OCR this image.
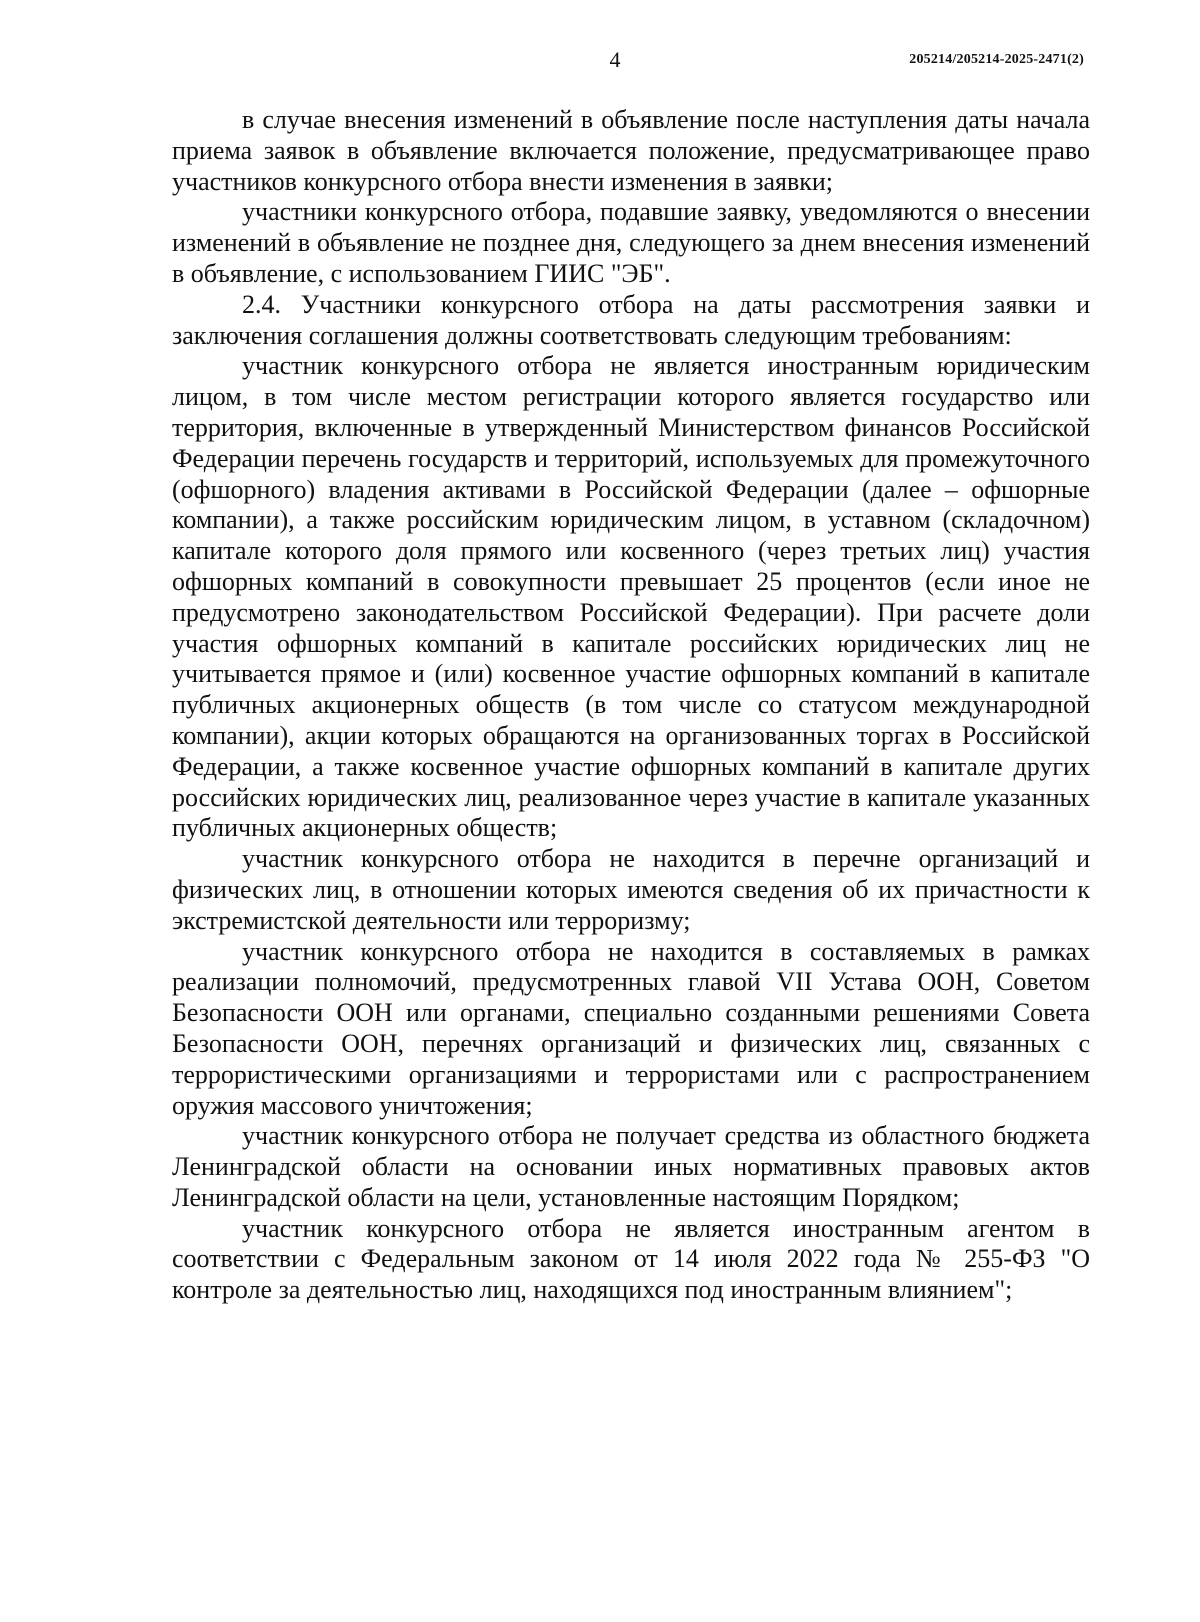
4	205214/205214-2025-2471(2)

в случае внесения изменений в объявление после наступления даты начала приема заявок в объявление включается положение, предусматривающее право участников конкурсного отбора внести изменения в заявки;

участники конкурсного отбора, подавшие заявку, уведомляются о внесении изменений в объявление не позднее дня, следующего за днем внесения изменений в объявление, с использованием ГИИС "ЭБ".

2.4. Участники конкурсного отбора на даты рассмотрения заявки и заключения соглашения должны соответствовать следующим требованиям:

участник конкурсного отбора не является иностранным юридическим лицом, в том числе местом регистрации которого является государство или территория, включенные в утвержденный Министерством финансов Российской Федерации перечень государств и территорий, используемых для промежуточного (офшорного) владения активами в Российской Федерации (далее – офшорные компании), а также российским юридическим лицом, в уставном (складочном) капитале которого доля прямого или косвенного (через третьих лиц) участия офшорных компаний в совокупности превышает 25 процентов (если иное не предусмотрено законодательством Российской Федерации). При расчете доли участия офшорных компаний в капитале российских юридических лиц не учитывается прямое и (или) косвенное участие офшорных компаний в капитале публичных акционерных обществ (в том числе со статусом международной компании), акции которых обращаются на организованных торгах в Российской Федерации, а также косвенное участие офшорных компаний в капитале других российских юридических лиц, реализованное через участие в капитале указанных публичных акционерных обществ;

участник конкурсного отбора не находится в перечне организаций и физических лиц, в отношении которых имеются сведения об их причастности к экстремистской деятельности или терроризму;

участник конкурсного отбора не находится в составляемых в рамках реализации полномочий, предусмотренных главой VII Устава ООН, Советом Безопасности ООН или органами, специально созданными решениями Совета Безопасности ООН, перечнях организаций и физических лиц, связанных с террористическими организациями и террористами или с распространением оружия массового уничтожения;

участник конкурсного отбора не получает средства из областного бюджета Ленинградской области на основании иных нормативных правовых актов Ленинградской области на цели, установленные настоящим Порядком;

участник конкурсного отбора не является иностранным агентом в соответствии с Федеральным законом от 14 июля 2022 года № 255-ФЗ "О контроле за деятельностью лиц, находящихся под иностранным влиянием";
